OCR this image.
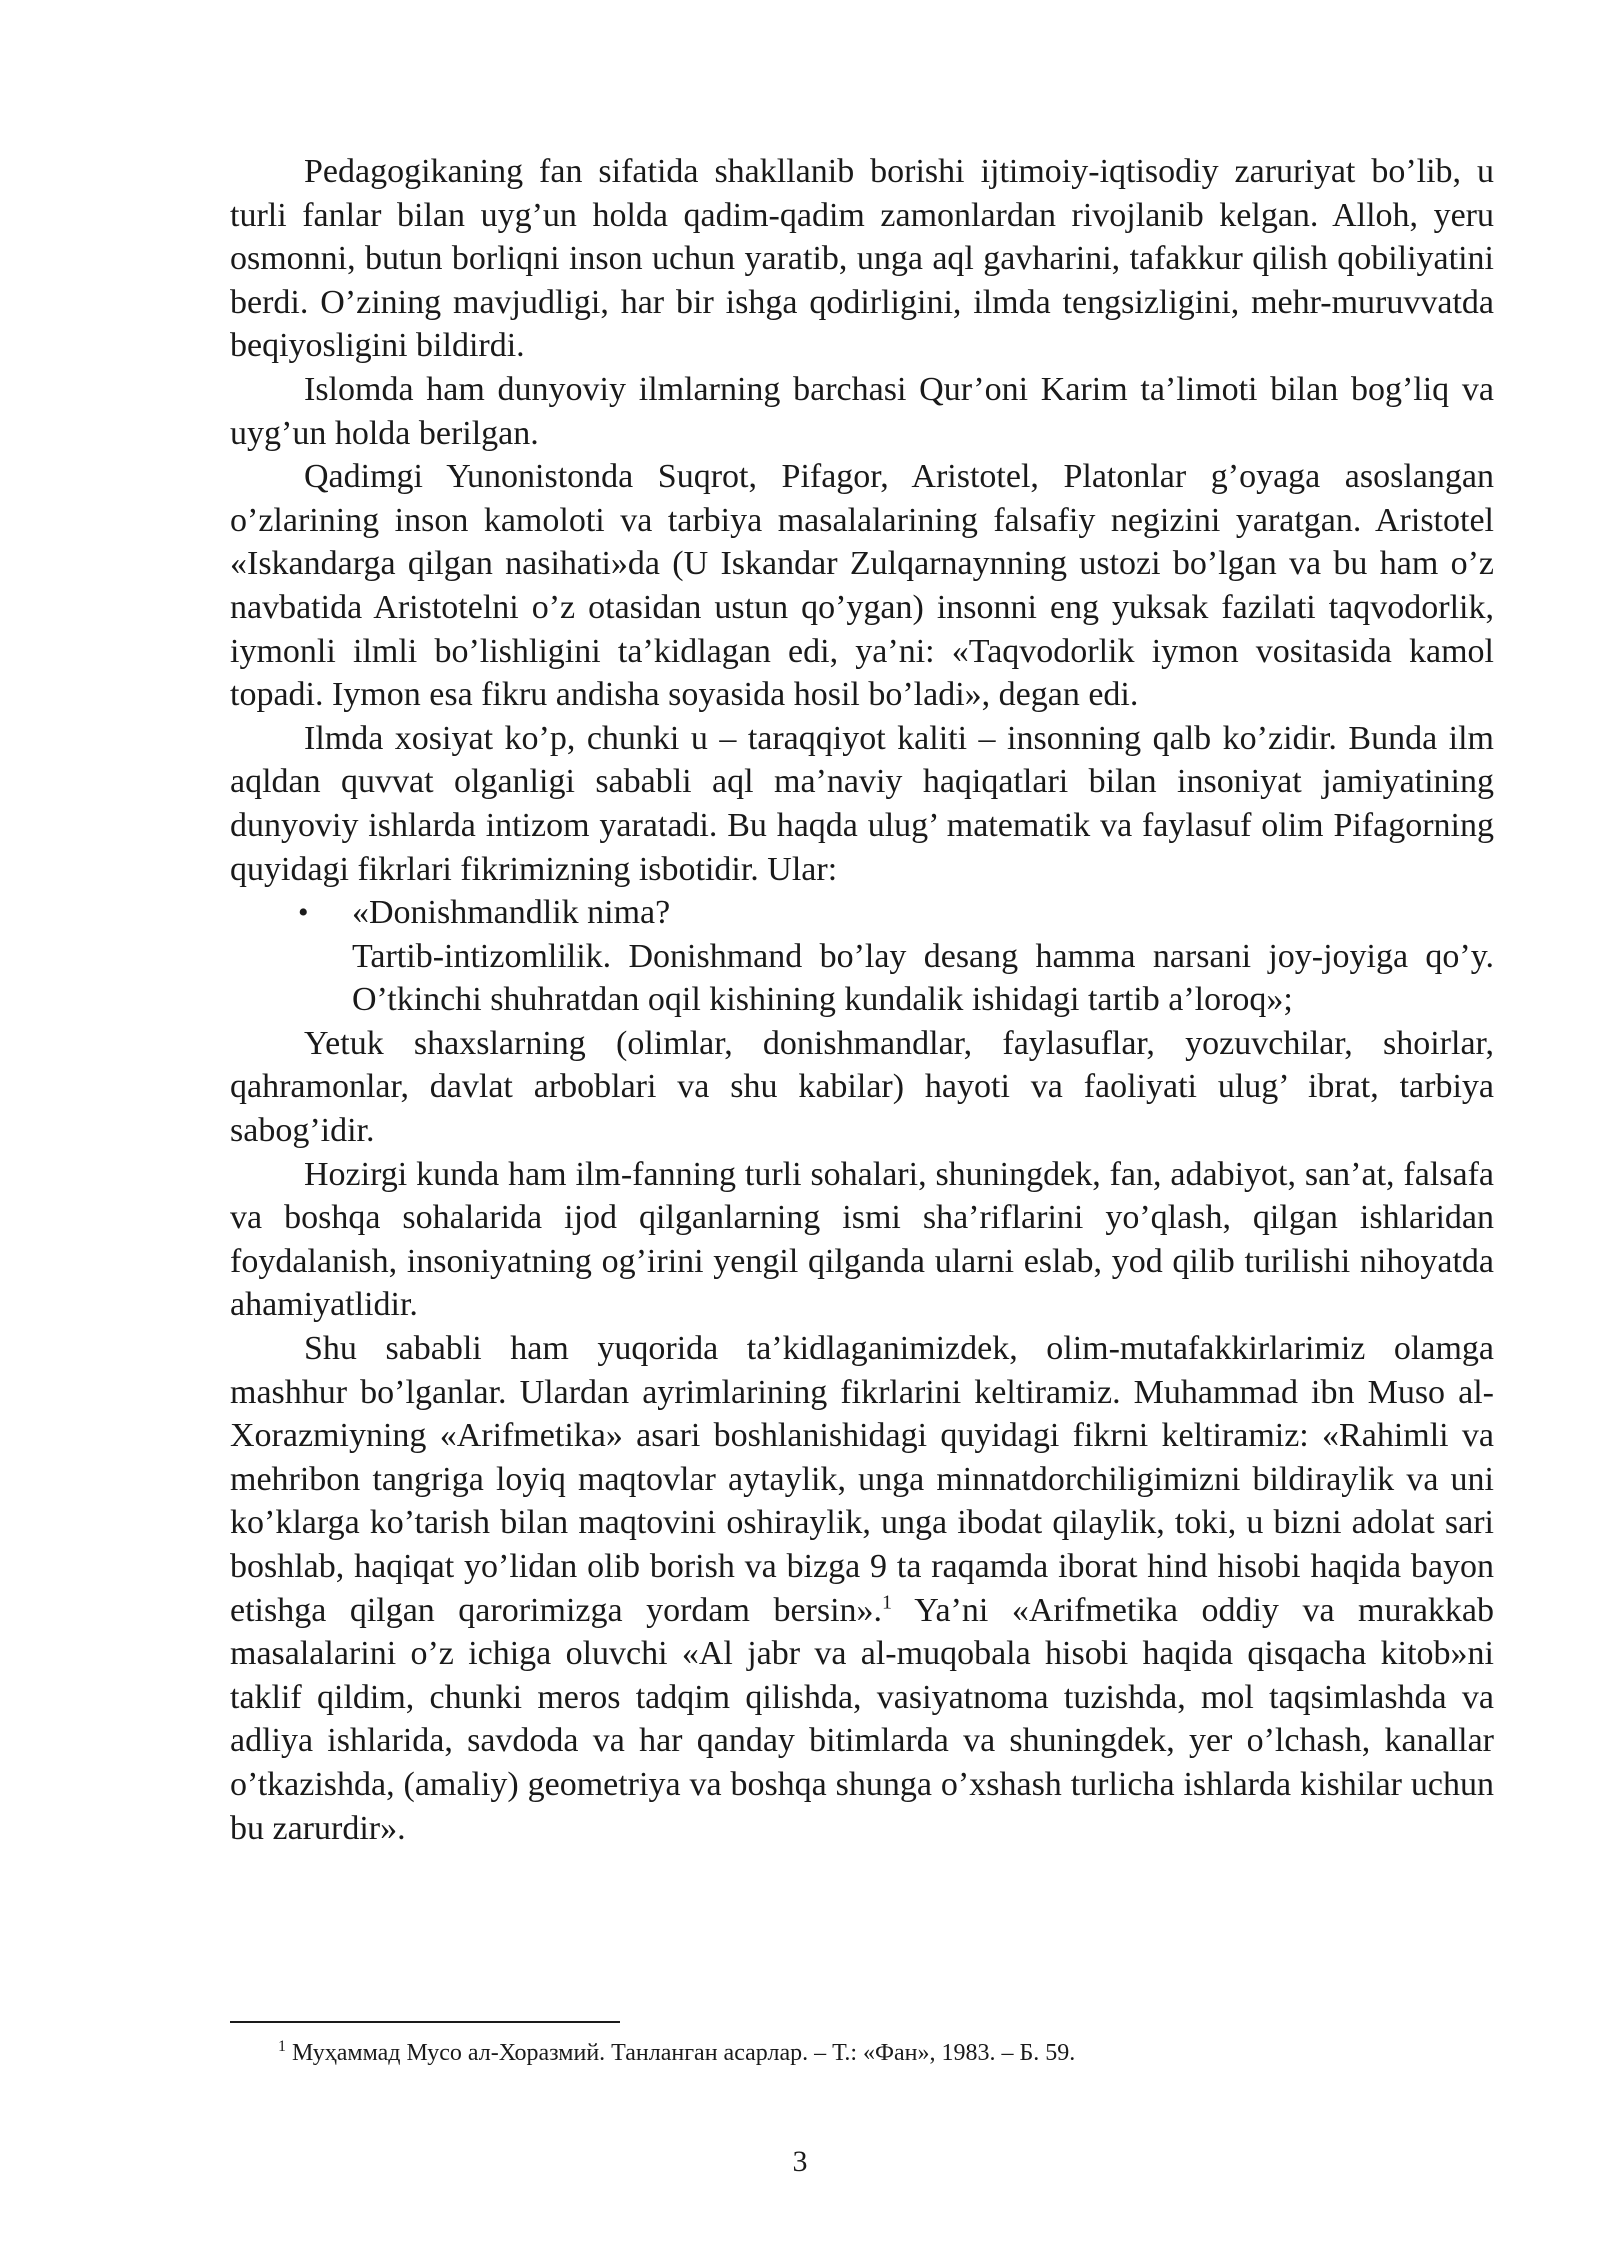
Pedagogikaning fan sifatida shakllanib borishi ijtimoiy-iqtisodiy zaruriyat bo’lib, u turli fanlar bilan uyg’un holda qadim-qadim zamonlardan rivojlanib kelgan. Alloh, yeru osmonni, butun borliqni inson uchun yaratib, unga aql gavharini, tafakkur qilish qobiliyatini berdi. O’zining mavjudligi, har bir ishga qodirligini, ilmda tengsizligini, mehr-muruvvatda beqiyosligini bildirdi.

Islomda ham dunyoviy ilmlarning barchasi Qur’oni Karim ta’limoti bilan bog’liq va uyg’un holda berilgan.

Qadimgi Yunonistonda Suqrot, Pifagor, Aristotel, Platonlar g’oyaga asoslangan o’zlarining inson kamoloti va tarbiya masalalarining falsafiy negizini yaratgan. Aristotel «Iskandarga qilgan nasihati»da (U Iskandar Zulqarnaynning ustozi bo’lgan va bu ham o’z navbatida Aristotelni o’z otasidan ustun qo’ygan) insonni eng yuksak fazilati taqvodorlik, iymonli ilmli bo’lishligini ta’kidlagan edi, ya’ni: «Taqvodorlik iymon vositasida kamol topadi. Iymon esa fikru andisha soyasida hosil bo’ladi», degan edi.

Ilmda xosiyat ko’p, chunki u – taraqqiyot kaliti – insonning qalb ko’zidir. Bunda ilm aqldan quvvat olganligi sababli aql ma’naviy haqiqatlari bilan insoniyat jamiyatining dunyoviy ishlarda intizom yaratadi. Bu haqda ulug’ matematik va faylasuf olim Pifagorning quyidagi fikrlari fikrimizning isbotidir. Ular:

• «Donishmandlik nima?
Tartib-intizomlilik. Donishmand bo’lay desang hamma narsani joy-joyiga qo’y. O’tkinchi shuhratdan oqil kishining kundalik ishidagi tartib a’loroq»;

Yetuk shaxslarning (olimlar, donishmandlar, faylasuflar, yozuvchilar, shoirlar, qahramonlar, davlat arboblari va shu kabilar) hayoti va faoliyati ulug’ ibrat, tarbiya sabog’idir.

Hozirgi kunda ham ilm-fanning turli sohalari, shuningdek, fan, adabiyot, san’at, falsafa va boshqa sohalarida ijod qilganlarning ismi sha’riflarini yo’qlash, qilgan ishlaridan foydalanish, insoniyatning og’irini yengil qilganda ularni eslab, yod qilib turilishi nihoyatda ahamiyatlidir.

Shu sababli ham yuqorida ta’kidlaganimizdek, olim-mutafakkirlarimiz olamga mashhur bo’lganlar. Ulardan ayrimlarining fikrlarini keltiramiz. Muhammad ibn Muso al-Xorazmiyning «Arifmetika» asari boshlanishidagi quyidagi fikrni keltiramiz: «Rahimli va mehribon tangriga loyiq maqtovlar aytaylik, unga minnatdorchiligimizni bildiraylik va uni ko’klarga ko’tarish bilan maqtovini oshiraylik, unga ibodat qilaylik, toki, u bizni adolat sari boshlab, haqiqat yo’lidan olib borish va bizga 9 ta raqamda iborat hind hisobi haqida bayon etishga qilgan qarorimizga yordam bersin».$^1$ Ya’ni «Arifmetika oddiy va murakkab masalalarini o’z ichiga oluvchi «Al jabr va al-muqobala hisobi haqida qisqacha kitob»ni taklif qildim, chunki meros tadqim qilishda, vasiyatnoma tuzishda, mol taqsimlashda va adliya ishlarida, savdoda va har qanday bitimlarda va shuningdek, yer o’lchash, kanallar o’tkazishda, (amaliy) geometriya va boshqa shunga o’xshash turlicha ishlarda kishilar uchun bu zarurdir».

$^1$ Муҳаммад Мусо ал-Хоразмий. Танланган асарлар. – Т.: «Фан», 1983. – Б. 59.
3
